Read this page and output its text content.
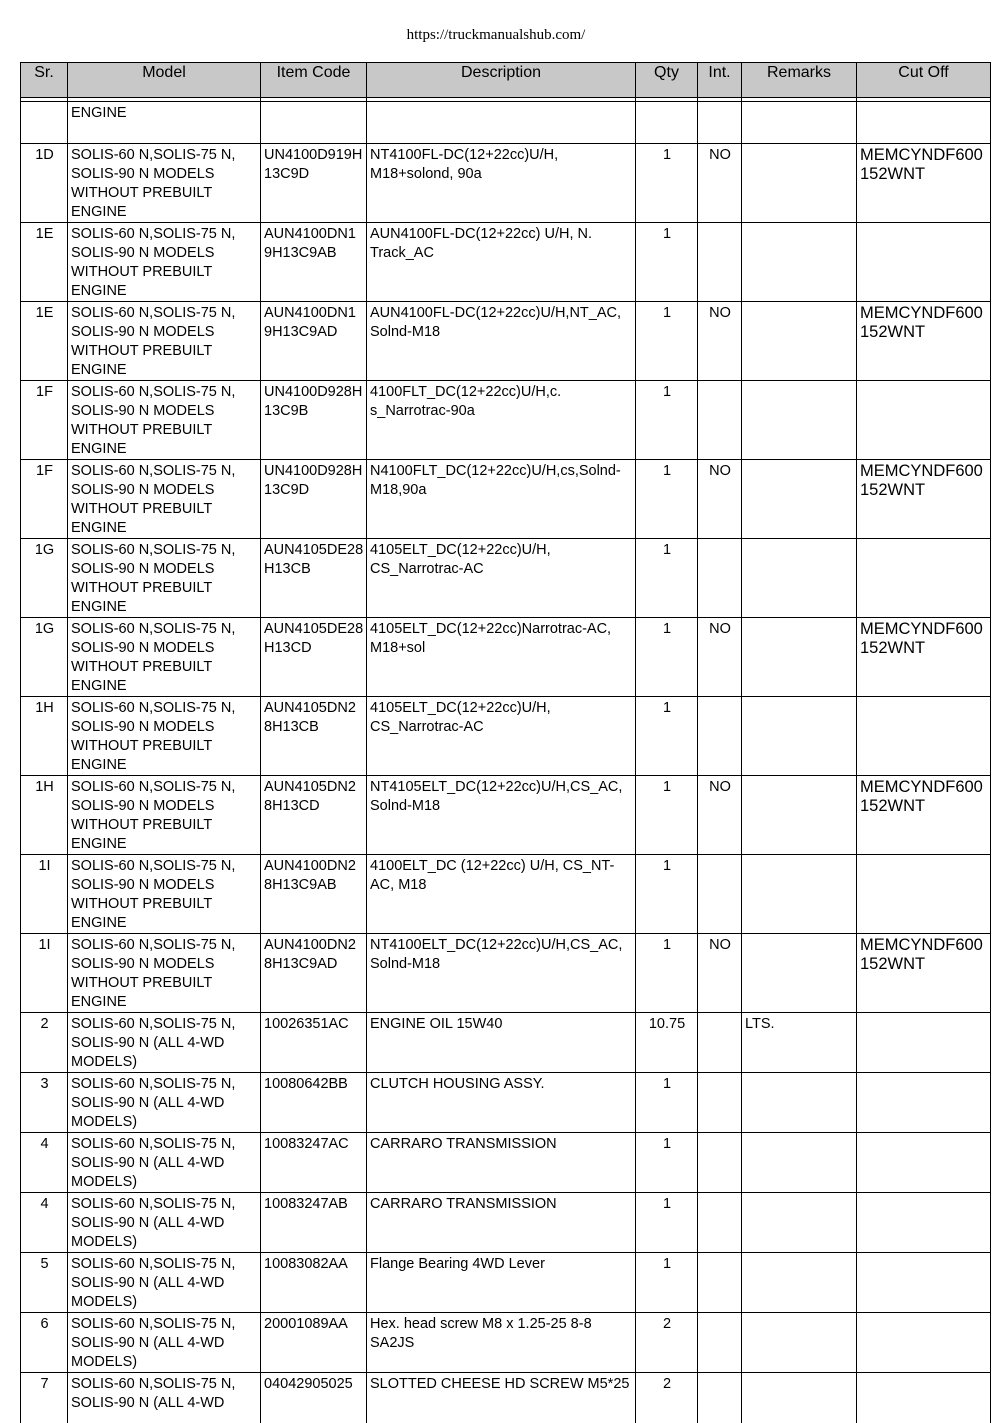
https://truckmanualshub.com/
Sr.	Model	Item Code	Description	Qty	Int.	Remarks	Cut Off

	ENGINE						
1D	SOLIS-60 N,SOLIS-75 N, SOLIS-90 N MODELS WITHOUT PREBUILT ENGINE	UN4100D919H 13C9D	NT4100FL-DC(12+22cc)U/H, M18+solond, 90a	1	NO		MEMCYNDF600 152WNT
1E	SOLIS-60 N,SOLIS-75 N, SOLIS-90 N MODELS WITHOUT PREBUILT ENGINE	AUN4100DN1 9H13C9AB	AUN4100FL-DC(12+22cc) U/H, N. Track_AC	1			
1E	SOLIS-60 N,SOLIS-75 N, SOLIS-90 N MODELS WITHOUT PREBUILT ENGINE	AUN4100DN1 9H13C9AD	AUN4100FL-DC(12+22cc)U/H,NT_AC, Solnd-M18	1	NO		MEMCYNDF600 152WNT
1F	SOLIS-60 N,SOLIS-75 N, SOLIS-90 N MODELS WITHOUT PREBUILT ENGINE	UN4100D928H 13C9B	4100FLT_DC(12+22cc)U/H,c. s_Narrotrac-90a	1			
1F	SOLIS-60 N,SOLIS-75 N, SOLIS-90 N MODELS WITHOUT PREBUILT ENGINE	UN4100D928H 13C9D	N4100FLT_DC(12+22cc)U/H,cs,Solnd- M18,90a	1	NO		MEMCYNDF600 152WNT
1G	SOLIS-60 N,SOLIS-75 N, SOLIS-90 N MODELS WITHOUT PREBUILT ENGINE	AUN4105DE28 H13CB	4105ELT_DC(12+22cc)U/H, CS_Narrotrac-AC	1			
1G	SOLIS-60 N,SOLIS-75 N, SOLIS-90 N MODELS WITHOUT PREBUILT ENGINE	AUN4105DE28 H13CD	4105ELT_DC(12+22cc)Narrotrac-AC, M18+sol	1	NO		MEMCYNDF600 152WNT
1H	SOLIS-60 N,SOLIS-75 N, SOLIS-90 N MODELS WITHOUT PREBUILT ENGINE	AUN4105DN2 8H13CB	4105ELT_DC(12+22cc)U/H, CS_Narrotrac-AC	1			
1H	SOLIS-60 N,SOLIS-75 N, SOLIS-90 N MODELS WITHOUT PREBUILT ENGINE	AUN4105DN2 8H13CD	NT4105ELT_DC(12+22cc)U/H,CS_AC, Solnd-M18	1	NO		MEMCYNDF600 152WNT
1I	SOLIS-60 N,SOLIS-75 N, SOLIS-90 N MODELS WITHOUT PREBUILT ENGINE	AUN4100DN2 8H13C9AB	4100ELT_DC (12+22cc) U/H, CS_NT- AC, M18	1			
1I	SOLIS-60 N,SOLIS-75 N, SOLIS-90 N MODELS WITHOUT PREBUILT ENGINE	AUN4100DN2 8H13C9AD	NT4100ELT_DC(12+22cc)U/H,CS_AC, Solnd-M18	1	NO		MEMCYNDF600 152WNT
2	SOLIS-60 N,SOLIS-75 N, SOLIS-90 N (ALL 4-WD MODELS)	10026351AC	ENGINE OIL 15W40	10.75		LTS.	
3	SOLIS-60 N,SOLIS-75 N, SOLIS-90 N (ALL 4-WD MODELS)	10080642BB	CLUTCH HOUSING ASSY.	1			
4	SOLIS-60 N,SOLIS-75 N, SOLIS-90 N (ALL 4-WD MODELS)	10083247AC	CARRARO TRANSMISSION	1			
4	SOLIS-60 N,SOLIS-75 N, SOLIS-90 N (ALL 4-WD MODELS)	10083247AB	CARRARO TRANSMISSION	1			
5	SOLIS-60 N,SOLIS-75 N, SOLIS-90 N (ALL 4-WD MODELS)	10083082AA	Flange Bearing 4WD Lever	1			
6	SOLIS-60 N,SOLIS-75 N, SOLIS-90 N (ALL 4-WD MODELS)	20001089AA	Hex. head screw M8 x 1.25-25 8-8 SA2JS	2			
7	SOLIS-60 N,SOLIS-75 N, SOLIS-90 N (ALL 4-WD	04042905025	SLOTTED CHEESE HD SCREW M5*25	2			
